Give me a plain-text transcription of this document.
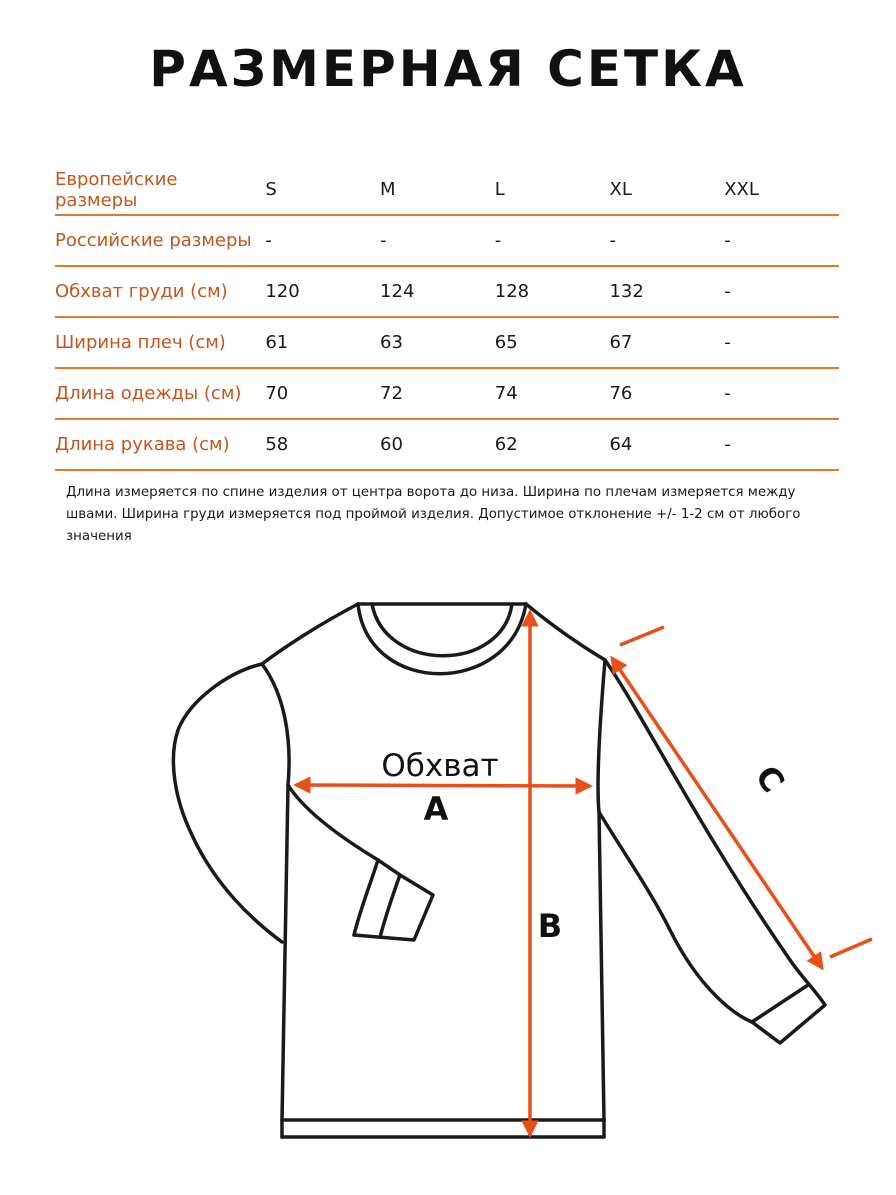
РАЗМЕРНАЯ СЕТКА
Европейские размеры	S	M	L	XL	XXL
Российские размеры	-	-	-	-	-
Обхват груди (см)	120	124	128	132	-
Ширина плеч (см)	61	63	65	67	-
Длина одежды (см)	70	72	74	76	-
Длина рукава (см)	58	60	62	64	-
Длина измеряется по спине изделия от центра ворота до низа. Ширина по плечам измеряется между швами. Ширина груди измеряется под проймой изделия. Допустимое отклонение +/- 1-2 см от любого значения
Обхват
A
B
C
